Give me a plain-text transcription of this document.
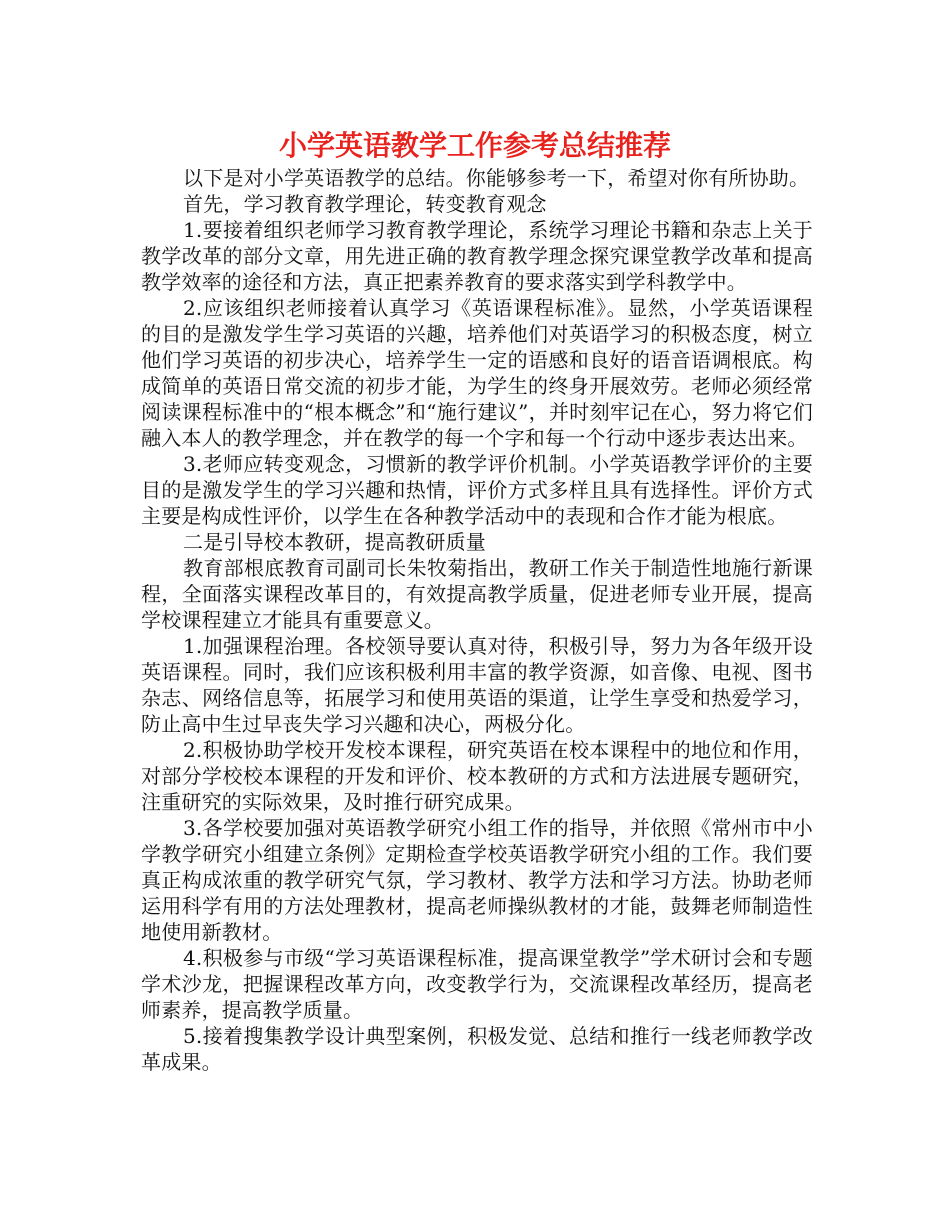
小学英语教学工作参考总结推荐

以下是对小学英语教学的总结。你能够参考一下，希望对你有所协助。

首先，学习教育教学理论，转变教育观念

1.要接着组织老师学习教育教学理论，系统学习理论书籍和杂志上关于教学改革的部分文章，用先进正确的教育教学理念探究课堂教学改革和提高教学效率的途径和方法，真正把素养教育的要求落实到学科教学中。

2.应该组织老师接着认真学习《英语课程标准》。显然，小学英语课程的目的是激发学生学习英语的兴趣，培养他们对英语学习的积极态度，树立他们学习英语的初步决心，培养学生一定的语感和良好的语音语调根底。构成简单的英语日常交流的初步才能，为学生的终身开展效劳。老师必须经常阅读课程标准中的“根本概念”和“施行建议”，并时刻牢记在心，努力将它们融入本人的教学理念，并在教学的每一个字和每一个行动中逐步表达出来。

3.老师应转变观念，习惯新的教学评价机制。小学英语教学评价的主要目的是激发学生的学习兴趣和热情，评价方式多样且具有选择性。评价方式主要是构成性评价，以学生在各种教学活动中的表现和合作才能为根底。

二是引导校本教研，提高教研质量

教育部根底教育司副司长朱牧菊指出，教研工作关于制造性地施行新课程，全面落实课程改革目的，有效提高教学质量，促进老师专业开展，提高学校课程建立才能具有重要意义。

1.加强课程治理。各校领导要认真对待，积极引导，努力为各年级开设英语课程。同时，我们应该积极利用丰富的教学资源，如音像、电视、图书杂志、网络信息等，拓展学习和使用英语的渠道，让学生享受和热爱学习，防止高中生过早丧失学习兴趣和决心，两极分化。

2.积极协助学校开发校本课程，研究英语在校本课程中的地位和作用，对部分学校校本课程的开发和评价、校本教研的方式和方法进展专题研究，注重研究的实际效果，及时推行研究成果。

3.各学校要加强对英语教学研究小组工作的指导，并依照《常州市中小学教学研究小组建立条例》定期检查学校英语教学研究小组的工作。我们要真正构成浓重的教学研究气氛，学习教材、教学方法和学习方法。协助老师运用科学有用的方法处理教材，提高老师操纵教材的才能，鼓舞老师制造性地使用新教材。

4.积极参与市级“学习英语课程标准，提高课堂教学”学术研讨会和专题学术沙龙，把握课程改革方向，改变教学行为，交流课程改革经历，提高老师素养，提高教学质量。

5.接着搜集教学设计典型案例，积极发觉、总结和推行一线老师教学改革成果。
